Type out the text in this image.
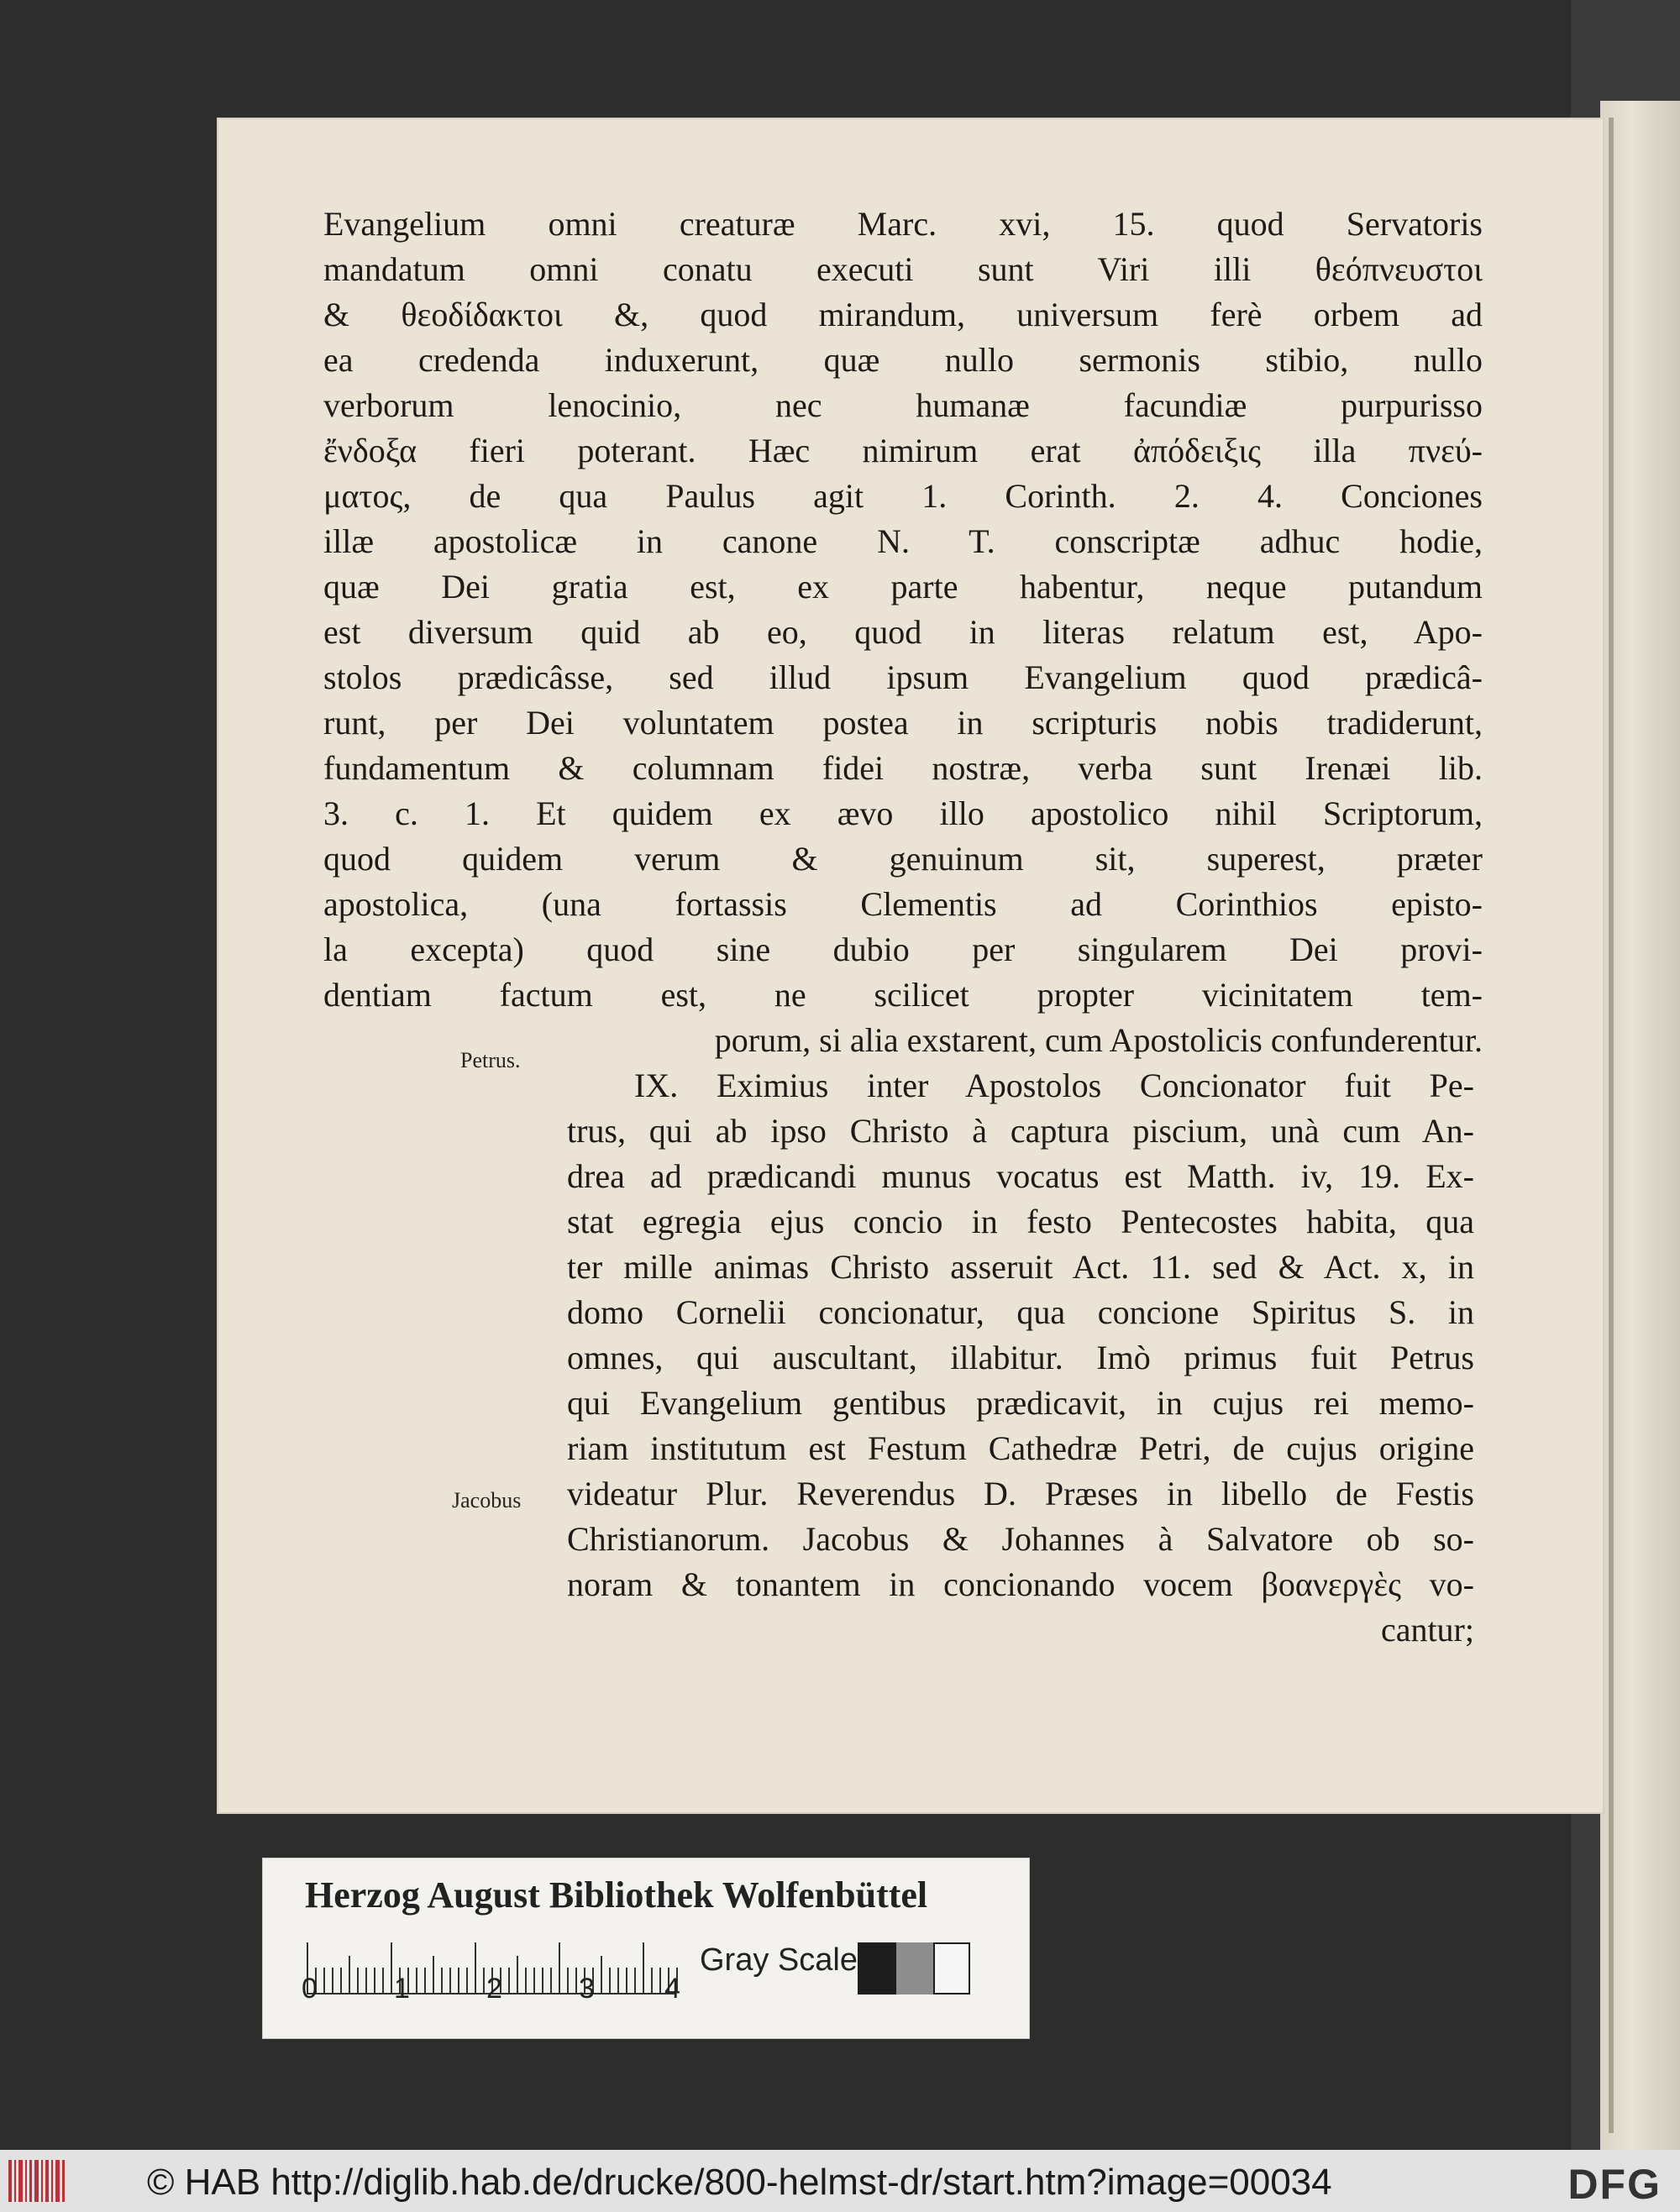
Evangelium omni creaturæ Marc. xvi, 15. quod Servatoris
mandatum omni conatu executi sunt Viri illi θεόπνευστοι
& θεοδίδακτοι &, quod mirandum, universum ferè orbem ad
ea credenda induxerunt, quæ nullo sermonis stibio, nullo
verborum lenocinio, nec humanæ facundiæ purpurisso
ἔνδοξα fieri poterant. Hæc nimirum erat ἀπόδειξις illa πνεύ-
ματος, de qua Paulus agit 1. Corinth. 2. 4. Conciones
illæ apostolicæ in canone N. T. conscriptæ adhuc hodie,
quæ Dei gratia est, ex parte habentur, neque putandum
est diversum quid ab eo, quod in literas relatum est, Apo-
stolos prædicâsse, sed illud ipsum Evangelium quod prædicâ-
runt, per Dei voluntatem postea in scripturis nobis tradiderunt,
fundamentum & columnam fidei nostræ, verba sunt Irenæi lib.
3. c. 1. Et quidem ex ævo illo apostolico nihil Scriptorum,
quod quidem verum & genuinum sit, superest, præter
apostolica, (una fortassis Clementis ad Corinthios episto-
la excepta) quod sine dubio per singularem Dei provi-
dentiam factum est, ne scilicet propter vicinitatem tem-
porum, si alia exstarent, cum Apostolicis confunderentur.
IX. Eximius inter Apostolos Concionator fuit Pe-
trus, qui ab ipso Christo à captura piscium, unà cum An-
drea ad prædicandi munus vocatus est Matth. iv, 19. Ex-
stat egregia ejus concio in festo Pentecostes habita, qua
ter mille animas Christo asseruit Act. 11. sed & Act. x, in
domo Cornelii concionatur, qua concione Spiritus S. in
omnes, qui auscultant, illabitur. Imò primus fuit Petrus
qui Evangelium gentibus prædicavit, in cujus rei memo-
riam institutum est Festum Cathedræ Petri, de cujus origine
videatur Plur. Reverendus D. Præses in libello de Festis
Christianorum. Jacobus & Johannes à Salvatore ob so-
noram & tonantem in concionando vocem βοανεργὲς vo-
cantur;
Petrus.
Jacobus
Herzog August Bibliothek Wolfenbüttel
0	1	2	3 4
Gray Scale
© HAB http://diglib.hab.de/drucke/800-helmst-dr/start.htm?image=00034	DFG
